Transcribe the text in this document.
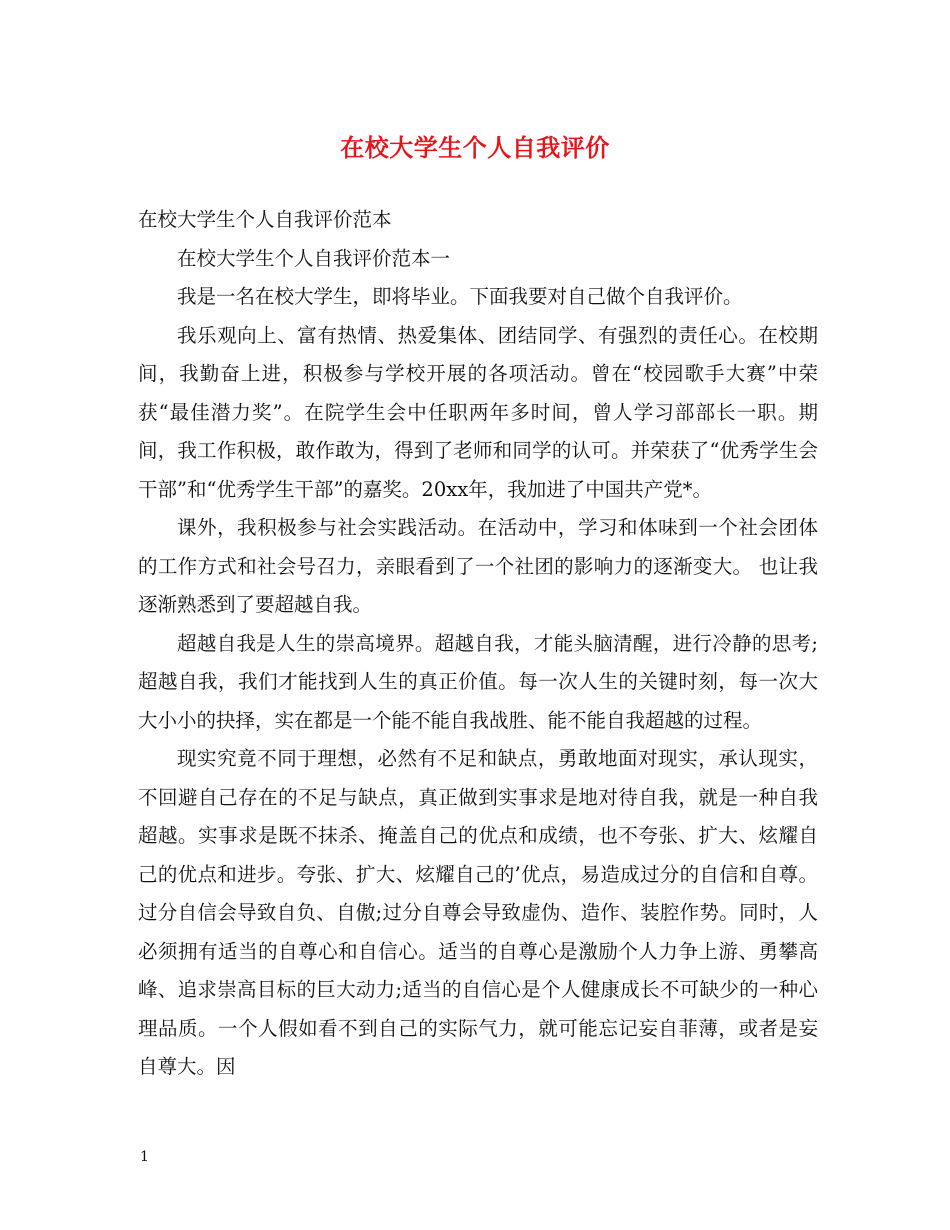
在校大学生个人自我评价

在校大学生个人自我评价范本

在校大学生个人自我评价范本一

我是一名在校大学生，即将毕业。下面我要对自己做个自我评价。

我乐观向上、富有热情、热爱集体、团结同学、有强烈的责任心。在校期间，我勤奋上进，积极参与学校开展的各项活动。曾在“校园歌手大赛”中荣获“最佳潜力奖”。在院学生会中任职两年多时间，曾人学习部部长一职。期间，我工作积极，敢作敢为，得到了老师和同学的认可。并荣获了“优秀学生会干部”和“优秀学生干部”的嘉奖。20xx年，我加进了中国共产党*。

课外，我积极参与社会实践活动。在活动中，学习和体味到一个社会团体的工作方式和社会号召力，亲眼看到了一个社团的影响力的逐渐变大。 也让我逐渐熟悉到了要超越自我。

超越自我是人生的崇高境界。超越自我，才能头脑清醒，进行冷静的思考;超越自我，我们才能找到人生的真正价值。每一次人生的关键时刻，每一次大大小小的抉择，实在都是一个能不能自我战胜、能不能自我超越的过程。

现实究竟不同于理想，必然有不足和缺点，勇敢地面对现实，承认现实，不回避自己存在的不足与缺点，真正做到实事求是地对待自我，就是一种自我超越。实事求是既不抹杀、掩盖自己的优点和成绩，也不夸张、扩大、炫耀自己的优点和进步。夸张、扩大、炫耀自己的’优点，易造成过分的自信和自尊。过分自信会导致自负、自傲;过分自尊会导致虚伪、造作、装腔作势。同时，人必须拥有适当的自尊心和自信心。适当的自尊心是激励个人力争上游、勇攀高峰、追求崇高目标的巨大动力;适当的自信心是个人健康成长不可缺少的一种心理品质。一个人假如看不到自己的实际气力，就可能忘记妄自菲薄，或者是妄自尊大。因

1
